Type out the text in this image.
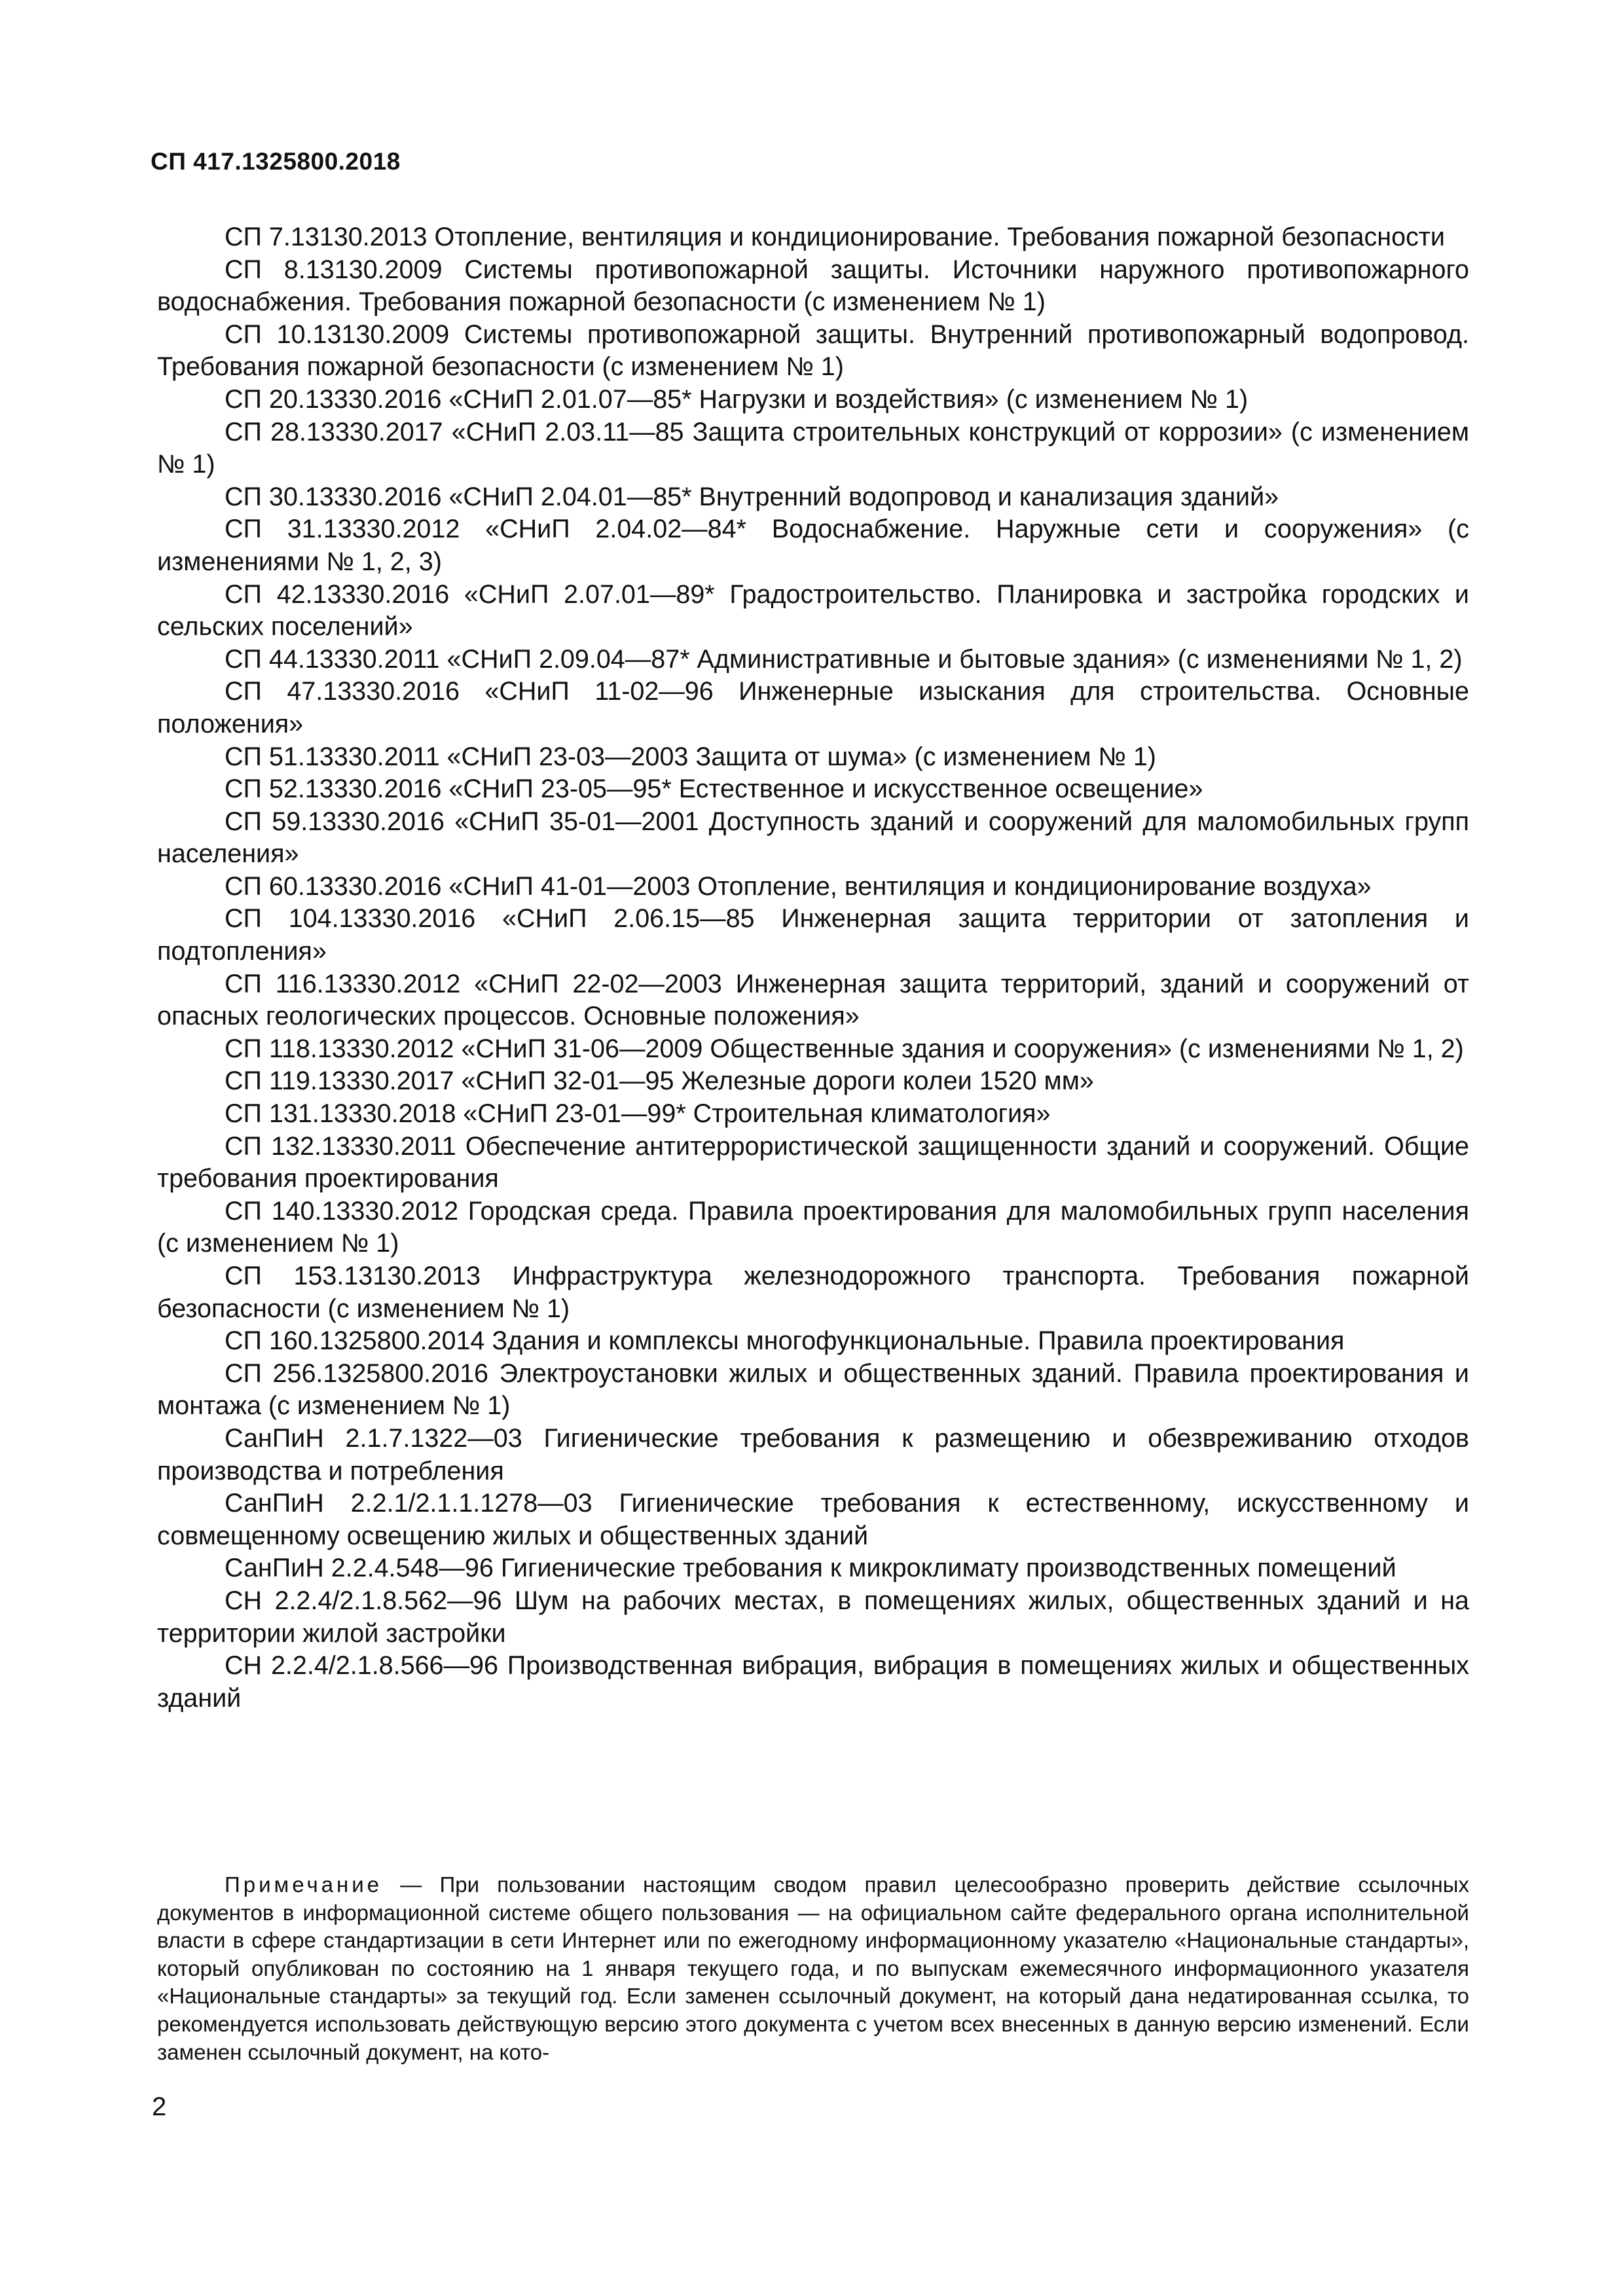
СП 417.1325800.2018

СП 7.13130.2013 Отопление, вентиляция и кондиционирование. Требования пожарной безопасности

СП 8.13130.2009 Системы противопожарной защиты. Источники наружного противопожарного водоснабжения. Требования пожарной безопасности (с изменением № 1)

СП 10.13130.2009 Системы противопожарной защиты. Внутренний противопожарный водопровод. Требования пожарной безопасности (с изменением № 1)

СП 20.13330.2016 «СНиП 2.01.07—85* Нагрузки и воздействия» (с изменением № 1)

СП 28.13330.2017 «СНиП 2.03.11—85 Защита строительных конструкций от коррозии» (с изменением № 1)

СП 30.13330.2016 «СНиП 2.04.01—85* Внутренний водопровод и канализация зданий»

СП 31.13330.2012 «СНиП 2.04.02—84* Водоснабжение. Наружные сети и сооружения» (с изменениями № 1, 2, 3)

СП 42.13330.2016 «СНиП 2.07.01—89* Градостроительство. Планировка и застройка городских и сельских поселений»

СП 44.13330.2011 «СНиП 2.09.04—87* Административные и бытовые здания» (с изменениями № 1, 2)

СП 47.13330.2016 «СНиП 11-02—96 Инженерные изыскания для строительства. Основные положения»

СП 51.13330.2011 «СНиП 23-03—2003 Защита от шума» (с изменением № 1)

СП 52.13330.2016 «СНиП 23-05—95* Естественное и искусственное освещение»

СП 59.13330.2016 «СНиП 35-01—2001 Доступность зданий и сооружений для маломобильных групп населения»

СП 60.13330.2016 «СНиП 41-01—2003 Отопление, вентиляция и кондиционирование воздуха»

СП 104.13330.2016 «СНиП 2.06.15—85 Инженерная защита территории от затопления и подтопления»

СП 116.13330.2012 «СНиП 22-02—2003 Инженерная защита территорий, зданий и сооружений от опасных геологических процессов. Основные положения»

СП 118.13330.2012 «СНиП 31-06—2009 Общественные здания и сооружения» (с изменениями № 1, 2)

СП 119.13330.2017 «СНиП 32-01—95 Железные дороги колеи 1520 мм»

СП 131.13330.2018 «СНиП 23-01—99* Строительная климатология»

СП 132.13330.2011 Обеспечение антитеррористической защищенности зданий и сооружений. Общие требования проектирования

СП 140.13330.2012 Городская среда. Правила проектирования для маломобильных групп населения (с изменением № 1)

СП 153.13130.2013 Инфраструктура железнодорожного транспорта. Требования пожарной безопасности (с изменением № 1)

СП 160.1325800.2014 Здания и комплексы многофункциональные. Правила проектирования

СП 256.1325800.2016 Электроустановки жилых и общественных зданий. Правила проектирования и монтажа (с изменением № 1)

СанПиН 2.1.7.1322—03 Гигиенические требования к размещению и обезвреживанию отходов производства и потребления

СанПиН 2.2.1/2.1.1.1278—03 Гигиенические требования к естественному, искусственному и совмещенному освещению жилых и общественных зданий

СанПиН 2.2.4.548—96 Гигиенические требования к микроклимату производственных помещений

СН 2.2.4/2.1.8.562—96 Шум на рабочих местах, в помещениях жилых, общественных зданий и на территории жилой застройки

СН 2.2.4/2.1.8.566—96 Производственная вибрация, вибрация в помещениях жилых и общественных зданий

Примечание — При пользовании настоящим сводом правил целесообразно проверить действие ссылочных документов в информационной системе общего пользования — на официальном сайте федерального органа исполнительной власти в сфере стандартизации в сети Интернет или по ежегодному информационному указателю «Национальные стандарты», который опубликован по состоянию на 1 января текущего года, и по выпускам ежемесячного информационного указателя «Национальные стандарты» за текущий год. Если заменен ссылочный документ, на который дана недатированная ссылка, то рекомендуется использовать действующую версию этого документа с учетом всех внесенных в данную версию изменений. Если заменен ссылочный документ, на кото-
2
